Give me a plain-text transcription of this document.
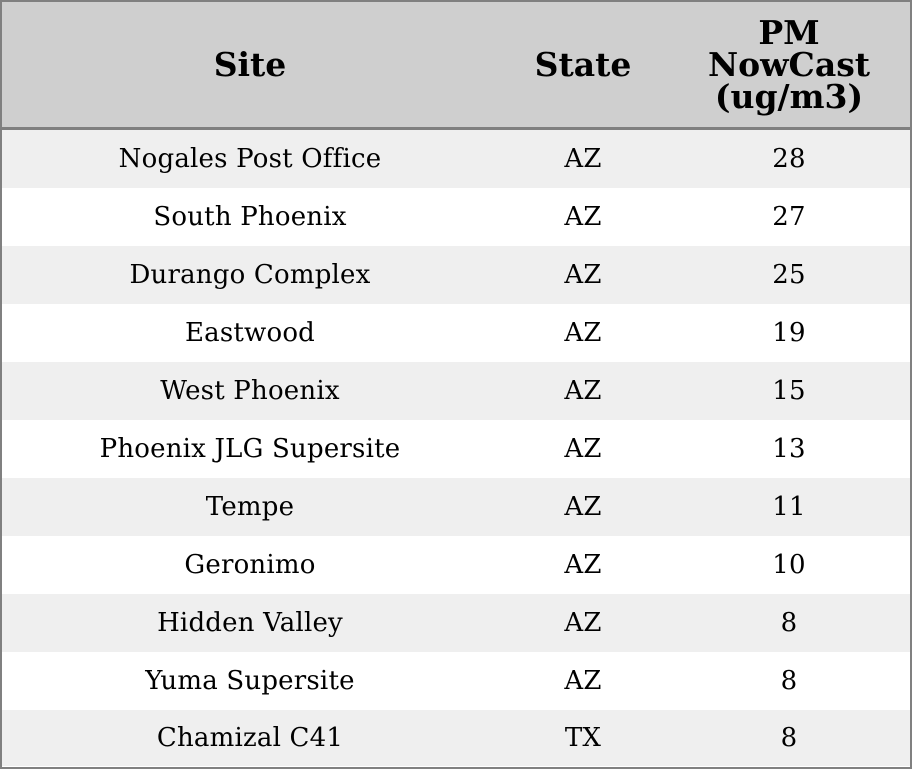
Site	State	PM
NowCast
(ug/m3)

Nogales Post Office	AZ	28
South Phoenix	AZ	27
Durango Complex	AZ	25
Eastwood	AZ	19
West Phoenix	AZ	15
Phoenix JLG Supersite	AZ	13
Tempe	AZ	11
Geronimo	AZ	10
Hidden Valley	AZ	8
Yuma Supersite	AZ	8
Chamizal C41	TX	8
